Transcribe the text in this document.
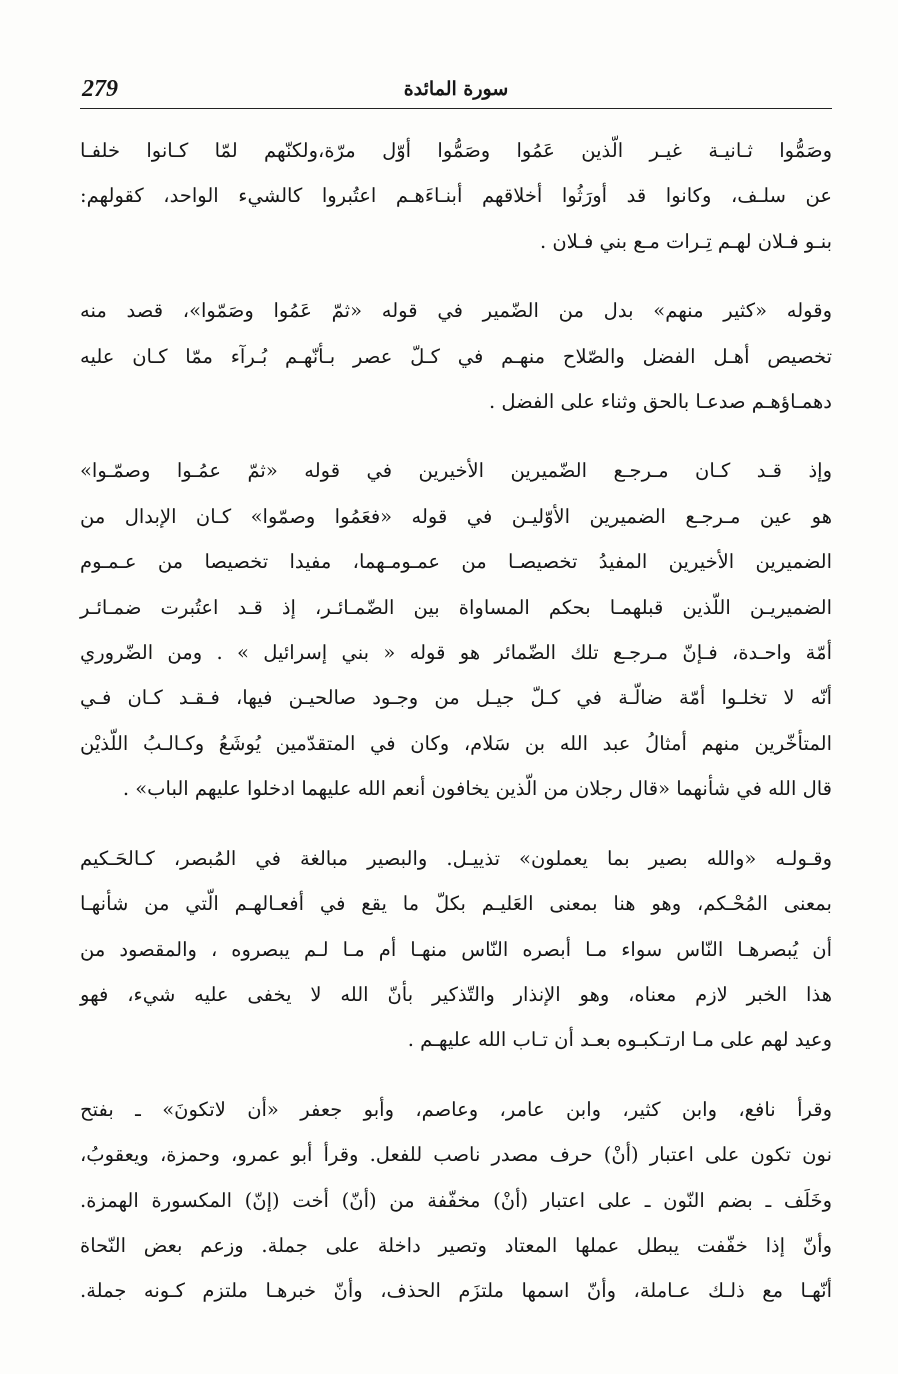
279	سورة المائدة

وصَمُّوا ثـانيـة غيـر الّذين عَمُوا وصَمُّوا أوّل مرّة،ولكنّهم لمّا كـانوا خلفـا
عن سلـف، وكانوا قد أورَثُوا أخلاقهم أبنـاءَهـم اعتُبروا كالشيء الواحد، كقولهم:
بنـو فـلان لهـم تِـرات مـع بني فـلان .

وقوله «كثير منهم» بدل من الضّمير في قوله «ثمّ عَمُوا وصَمّوا»، قصد منه
تخصيص أهـل الفضل والصّلاح منهـم في كـلّ عصر بـأنّهـم بُـرآء ممّا كـان عليه
دهمـاؤهـم صدعـا بالحق وثناء على الفضل .

وإذ قـد كـان مـرجـع الضّميرين الأخيرين في قوله «ثمّ عمُـوا وصمّـوا»
هو عين مـرجـع الضميرين الأوّليـن في قوله «فعَمُوا وصمّوا» كـان الإبدال من
الضميرين الأخيرين المفيدُ تخصيصـا من عمـومـهما، مفيدا تخصيصا من عـمـوم
الضميريـن اللّذين قبلهمـا بحكم المساواة بين الضّمـائـر، إذ قـد اعتُبرت ضمـائـر
أمّة واحـدة، فـإنّ مـرجـع تلك الضّمائر هو قوله « بني إسرائيل » . ومن الضّروري
أنّه لا تخلـوا أمّة ضالّـة في كـلّ جيـل من وجـود صالحيـن فيها، فـقـد كـان فـي
المتأخّرين منهم أمثالُ عبد الله بن سَلام، وكان في المتقدّمين يُوشَعُ وكـالـبُ اللّذيْن
قال الله في شأنهما «قال رجلان من الّذين يخافون أنعم الله عليهما ادخلوا عليهم الباب» .

وقـولـه «والله بصير بما يعملون» تذييـل. والبصير مبالغة في المُبصر، كـالحَـكيم
بمعنى المُحْـكم، وهو هنا بمعنى العَليـم بكلّ ما يقع في أفعـالهـم الّتي من شأنهـا
أن يُبصرهـا النّاس سواء مـا أبصره النّاس منهـا أم مـا لـم يبصروه ، والمقصود من
هذا الخبر لازم معناه، وهو الإنذار والتّذكير بأنّ الله لا يخفى عليه شيء، فهو
وعيد لهم على مـا ارتـكبـوه بعـد أن تـاب الله عليهـم .

وقرأ نافع، وابن كثير، وابن عامر، وعاصم، وأبو جعفر «أن لاتكونَ» ـ بفتح
نون تكون على اعتبار (أنْ) حرف مصدر ناصب للفعل. وقرأ أبو عمرو، وحمزة، ويعقوبُ،
وخَلَف ـ بضم النّون ـ على اعتبار (أنْ) مخفّفة من (أنّ) أخت (إنّ) المكسورة الهمزة.
وأنّ إذا خفّفت يبطل عملها المعتاد وتصير داخلة على جملة. وزعم بعض النّحاة
أنّهـا مع ذلـك عـاملة، وأنّ اسمها ملتزَم الحذف، وأنّ خبرهـا ملتزم كـونه جملة.
